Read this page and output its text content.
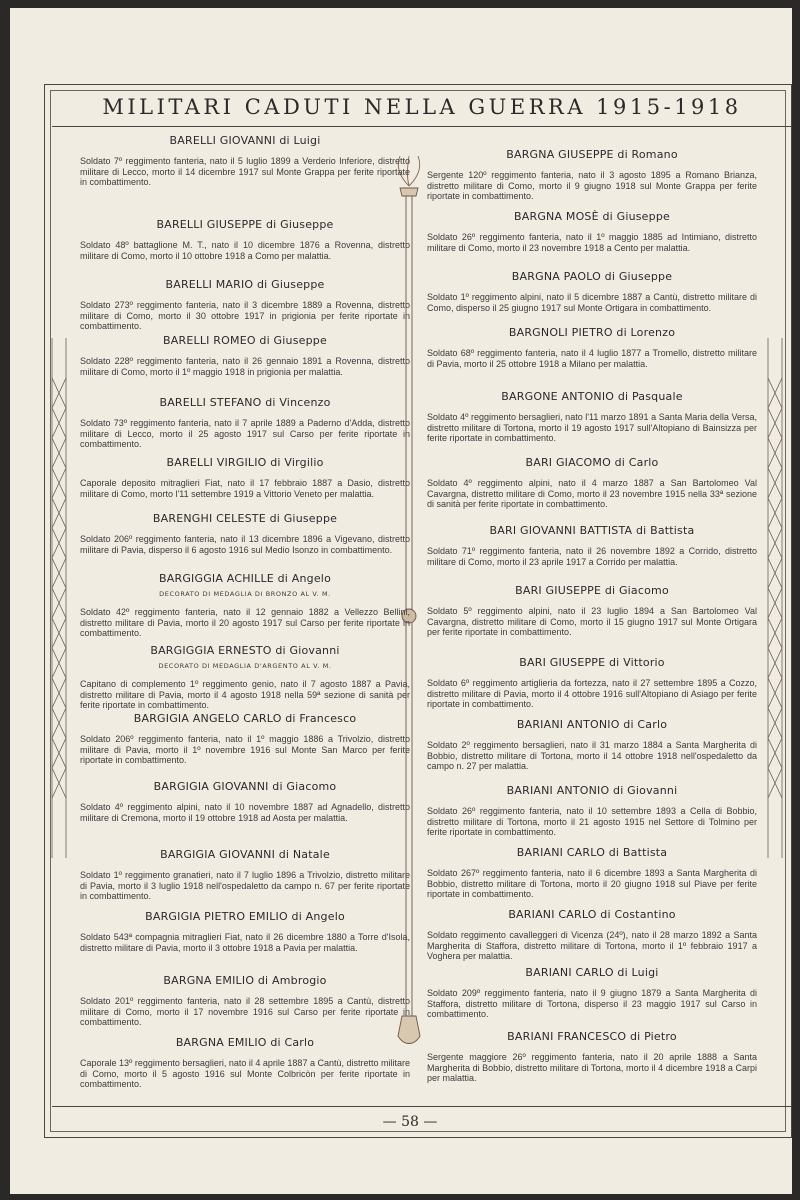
MILITARI CADUTI NELLA GUERRA 1915-1918
BARELLI GIOVANNI di Luigi
Soldato 7º reggimento fanteria, nato il 5 luglio 1899 a Verderio Inferiore, distretto militare di Lecco, morto il 14 dicembre 1917 sul Monte Grappa per ferite riportate in combattimento.
BARELLI GIUSEPPE di Giuseppe
Soldato 48º battaglione M. T., nato il 10 dicembre 1876 a Rovenna, distretto militare di Como, morto il 10 ottobre 1918 a Como per malattia.
BARELLI MARIO di Giuseppe
Soldato 273º reggimento fanteria, nato il 3 dicembre 1889 a Rovenna, distretto militare di Como, morto il 30 ottobre 1917 in prigionia per ferite riportate in combattimento.
BARELLI ROMEO di Giuseppe
Soldato 228º reggimento fanteria, nato il 26 gennaio 1891 a Rovenna, distretto militare di Como, morto il 1º maggio 1918 in prigionia per malattia.
BARELLI STEFANO di Vincenzo
Soldato 73º reggimento fanteria, nato il 7 aprile 1889 a Paderno d'Adda, distretto militare di Lecco, morto il 25 agosto 1917 sul Carso per ferite riportate in combattimento.
BARELLI VIRGILIO di Virgilio
Caporale deposito mitraglieri Fiat, nato il 17 febbraio 1887 a Dasio, distretto militare di Como, morto l'11 settembre 1919 a Vittorio Veneto per malattia.
BARENGHI CELESTE di Giuseppe
Soldato 206º reggimento fanteria, nato il 13 dicembre 1896 a Vigevano, distretto militare di Pavia, disperso il 6 agosto 1916 sul Medio Isonzo in combattimento.
BARGIGGIA ACHILLE di Angelo
DECORATO DI MEDAGLIA DI BRONZO AL V. M.
Soldato 42º reggimento fanteria, nato il 12 gennaio 1882 a Vellezzo Bellini, distretto militare di Pavia, morto il 20 agosto 1917 sul Carso per ferite riportate in combattimento.
BARGIGGIA ERNESTO di Giovanni
DECORATO DI MEDAGLIA D'ARGENTO AL V. M.
Capitano di complemento 1º reggimento genio, nato il 7 agosto 1887 a Pavia, distretto militare di Pavia, morto il 4 agosto 1918 nella 59ª sezione di sanità per ferite riportate in combattimento.
BARGIGIA ANGELO CARLO di Francesco
Soldato 206º reggimento fanteria, nato il 1º maggio 1886 a Trivolzio, distretto militare di Pavia, morto il 1º novembre 1916 sul Monte San Marco per ferite riportate in combattimento.
BARGIGIA GIOVANNI di Giacomo
Soldato 4º reggimento alpini, nato il 10 novembre 1887 ad Agnadello, distretto militare di Cremona, morto il 19 ottobre 1918 ad Aosta per malattia.
BARGIGIA GIOVANNI di Natale
Soldato 1º reggimento granatieri, nato il 7 luglio 1896 a Trivolzio, distretto militare di Pavia, morto il 3 luglio 1918 nell'ospedaletto da campo n. 67 per ferite riportate in combattimento.
BARGIGIA PIETRO EMILIO di Angelo
Soldato 543ª compagnia mitraglieri Fiat, nato il 26 dicembre 1880 a Torre d'Isola, distretto militare di Pavia, morto il 3 ottobre 1918 a Pavia per malattia.
BARGNA EMILIO di Ambrogio
Soldato 201º reggimento fanteria, nato il 28 settembre 1895 a Cantù, distretto militare di Como, morto il 17 novembre 1916 sul Carso per ferite riportate in combattimento.
BARGNA EMILIO di Carlo
Caporale 13º reggimento bersaglieri, nato il 4 aprile 1887 a Cantù, distretto militare di Como, morto il 5 agosto 1916 sul Monte Colbricòn per ferite riportate in combattimento.
BARGNA GIUSEPPE di Romano
Sergente 120º reggimento fanteria, nato il 3 agosto 1895 a Romano Brianza, distretto militare di Como, morto il 9 giugno 1918 sul Monte Grappa per ferite riportate in combattimento.
BARGNA MOSÈ di Giuseppe
Soldato 26º reggimento fanteria, nato il 1º maggio 1885 ad Intimiano, distretto militare di Como, morto il 23 novembre 1918 a Cento per malattia.
BARGNA PAOLO di Giuseppe
Soldato 1º reggimento alpini, nato il 5 dicembre 1887 a Cantù, distretto militare di Como, disperso il 25 giugno 1917 sul Monte Ortigara in combattimento.
BARGNOLI PIETRO di Lorenzo
Soldato 68º reggimento fanteria, nato il 4 luglio 1877 a Tromello, distretto militare di Pavia, morto il 25 ottobre 1918 a Milano per malattia.
BARGONE ANTONIO di Pasquale
Soldato 4º reggimento bersaglieri, nato l'11 marzo 1891 a Santa Maria della Versa, distretto militare di Tortona, morto il 19 agosto 1917 sull'Altopiano di Bainsizza per ferite riportate in combattimento.
BARI GIACOMO di Carlo
Soldato 4º reggimento alpini, nato il 4 marzo 1887 a San Bartolomeo Val Cavargna, distretto militare di Como, morto il 23 novembre 1915 nella 33ª sezione di sanità per ferite riportate in combattimento.
BARI GIOVANNI BATTISTA di Battista
Soldato 71º reggimento fanteria, nato il 26 novembre 1892 a Corrido, distretto militare di Como, morto il 23 aprile 1917 a Corrido per malattia.
BARI GIUSEPPE di Giacomo
Soldato 5º reggimento alpini, nato il 23 luglio 1894 a San Bartolomeo Val Cavargna, distretto militare di Como, morto il 15 giugno 1917 sul Monte Ortigara per ferite riportate in combattimento.
BARI GIUSEPPE di Vittorio
Soldato 6º reggimento artiglieria da fortezza, nato il 27 settembre 1895 a Cozzo, distretto militare di Pavia, morto il 4 ottobre 1916 sull'Altopiano di Asiago per ferite riportate in combattimento.
BARIANI ANTONIO di Carlo
Soldato 2º reggimento bersaglieri, nato il 31 marzo 1884 a Santa Margherita di Bobbio, distretto militare di Tortona, morto il 14 ottobre 1918 nell'ospedaletto da campo n. 27 per malattia.
BARIANI ANTONIO di Giovanni
Soldato 26º reggimento fanteria, nato il 10 settembre 1893 a Cella di Bobbio, distretto militare di Tortona, morto il 21 agosto 1915 nel Settore di Tolmino per ferite riportate in combattimento.
BARIANI CARLO di Battista
Soldato 267º reggimento fanteria, nato il 6 dicembre 1893 a Santa Margherita di Bobbio, distretto militare di Tortona, morto il 20 giugno 1918 sul Piave per ferite riportate in combattimento.
BARIANI CARLO di Costantino
Soldato reggimento cavalleggeri di Vicenza (24º), nato il 28 marzo 1892 a Santa Margherita di Staffora, distretto militare di Tortona, morto il 1º febbraio 1917 a Voghera per malattia.
BARIANI CARLO di Luigi
Soldato 209º reggimento fanteria, nato il 9 giugno 1879 a Santa Margherita di Staffora, distretto militare di Tortona, disperso il 23 maggio 1917 sul Carso in combattimento.
BARIANI FRANCESCO di Pietro
Sergente maggiore 26º reggimento fanteria, nato il 20 aprile 1888 a Santa Margherita di Bobbio, distretto militare di Tortona, morto il 4 dicembre 1918 a Carpi per malattia.
— 58 —
